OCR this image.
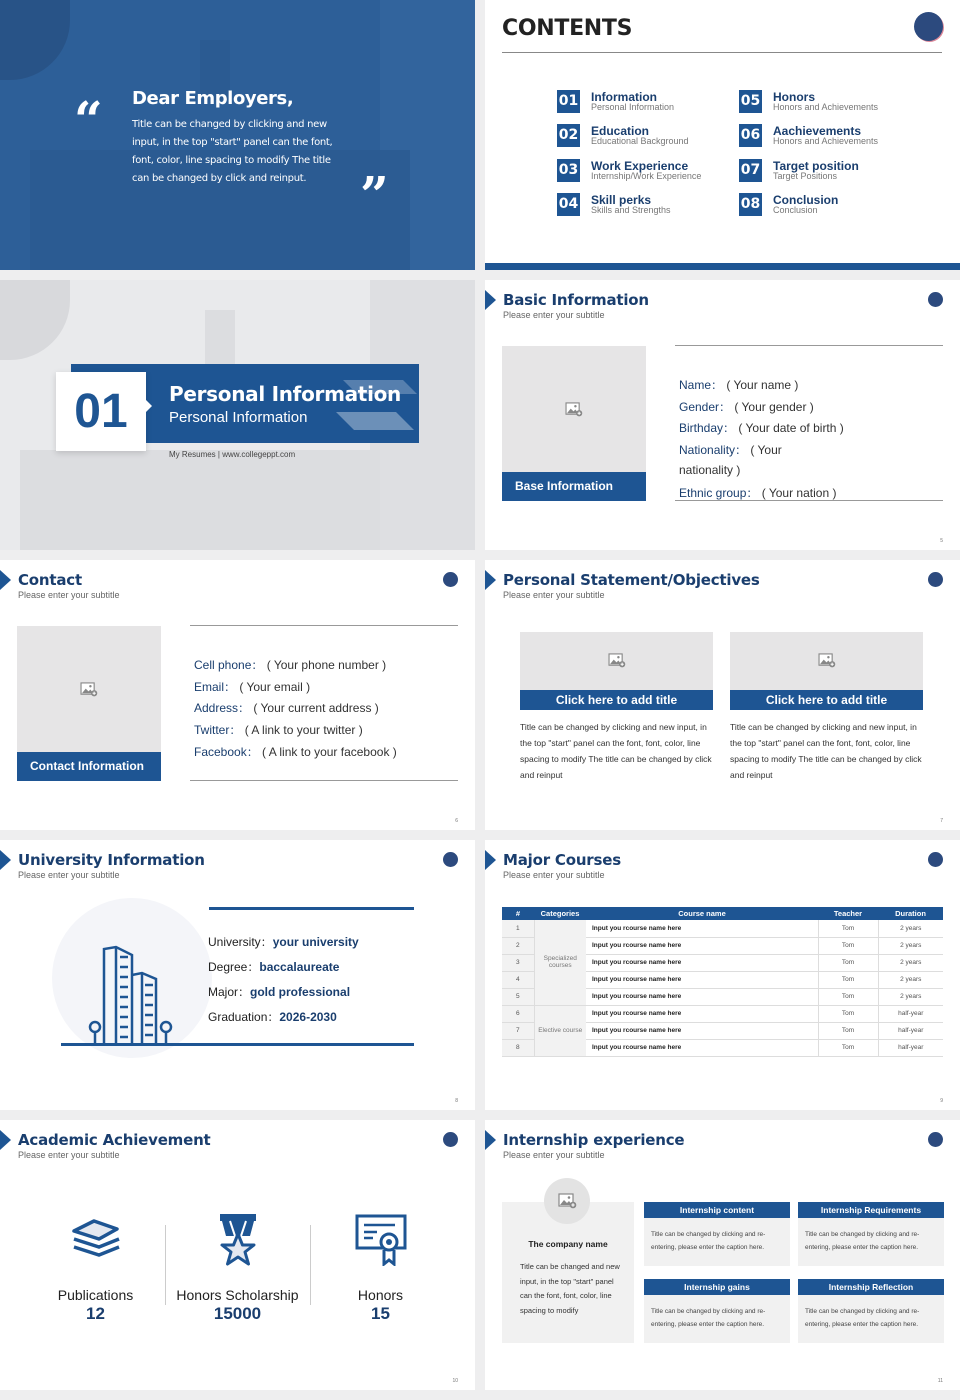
“ Dear Employers,
Title can be changed by clicking and new input, in the top "start" panel can the font, font, color, line spacing to modify The title can be changed by click and reinput.	”
CONTENTS
01 Information
Personal Information
02 Education
Educational Background
03 Work Experience
Internship/Work Experience
04 Skill perks
Skills and Strengths
05 Honors
Honors and Achievements
06 Aachievements
Honors and Achievements
07 Target position
Target Positions
08 Conclusion
Conclusion
01	Personal Information
Personal Information
My Resumes | www.collegeppt.com
Basic Information
Please enter your subtitle
Base Information
Name： ( Your name )
Gender： ( Your gender )
Birthday： ( Your date of birth )
Nationality： ( Your
nationality )
Ethnic group： ( Your nation )
5
Contact
Please enter your subtitle
Contact Information
Cell phone： ( Your phone number )
Email： ( Your email )
Address： ( Your current address )
Twitter： ( A link to your twitter )
Facebook： ( A link to your facebook )
6
Personal Statement/Objectives
Please enter your subtitle
Click here to add title
Title can be changed by clicking and new input, in the top "start" panel can the font, font, color, line spacing to modify The title can be changed by click and reinput
Click here to add title
Title can be changed by clicking and new input, in the top "start" panel can the font, font, color, line spacing to modify The title can be changed by click and reinput
7
University Information
Please enter your subtitle
University：your university
Degree：baccalaureate
Major：gold professional
Graduation：2026-2030
8
Major Courses
Please enter your subtitle
#	Categories	Course name	Teacher	Duration
1	Specialized courses	Input you rcourse name here	Tom	2 years
2		Input you rcourse name here	Tom	2 years
3		Input you rcourse name here	Tom	2 years
4		Input you rcourse name here	Tom	2 years
5		Input you rcourse name here	Tom	2 years
6	Elective course	Input you rcourse name here	Tom	half-year
7		Input you rcourse name here	Tom	half-year
8		Input you rcourse name here	Tom	half-year
9
Academic Achievement
Please enter your subtitle
Publications
12
Honors Scholarship
15000
Honors
15
10
Internship experience
Please enter your subtitle
The company name
Title can be changed and new input, in the top "start" panel can the font, font, color, line spacing to modify
Internship content
Title can be changed by clicking and re-entering, please enter the caption here.
Internship Requirements
Title can be changed by clicking and re-entering, please enter the caption here.
Internship gains
Title can be changed by clicking and re-entering, please enter the caption here.
Internship Reflection
Title can be changed by clicking and re-entering, please enter the caption here.
11
